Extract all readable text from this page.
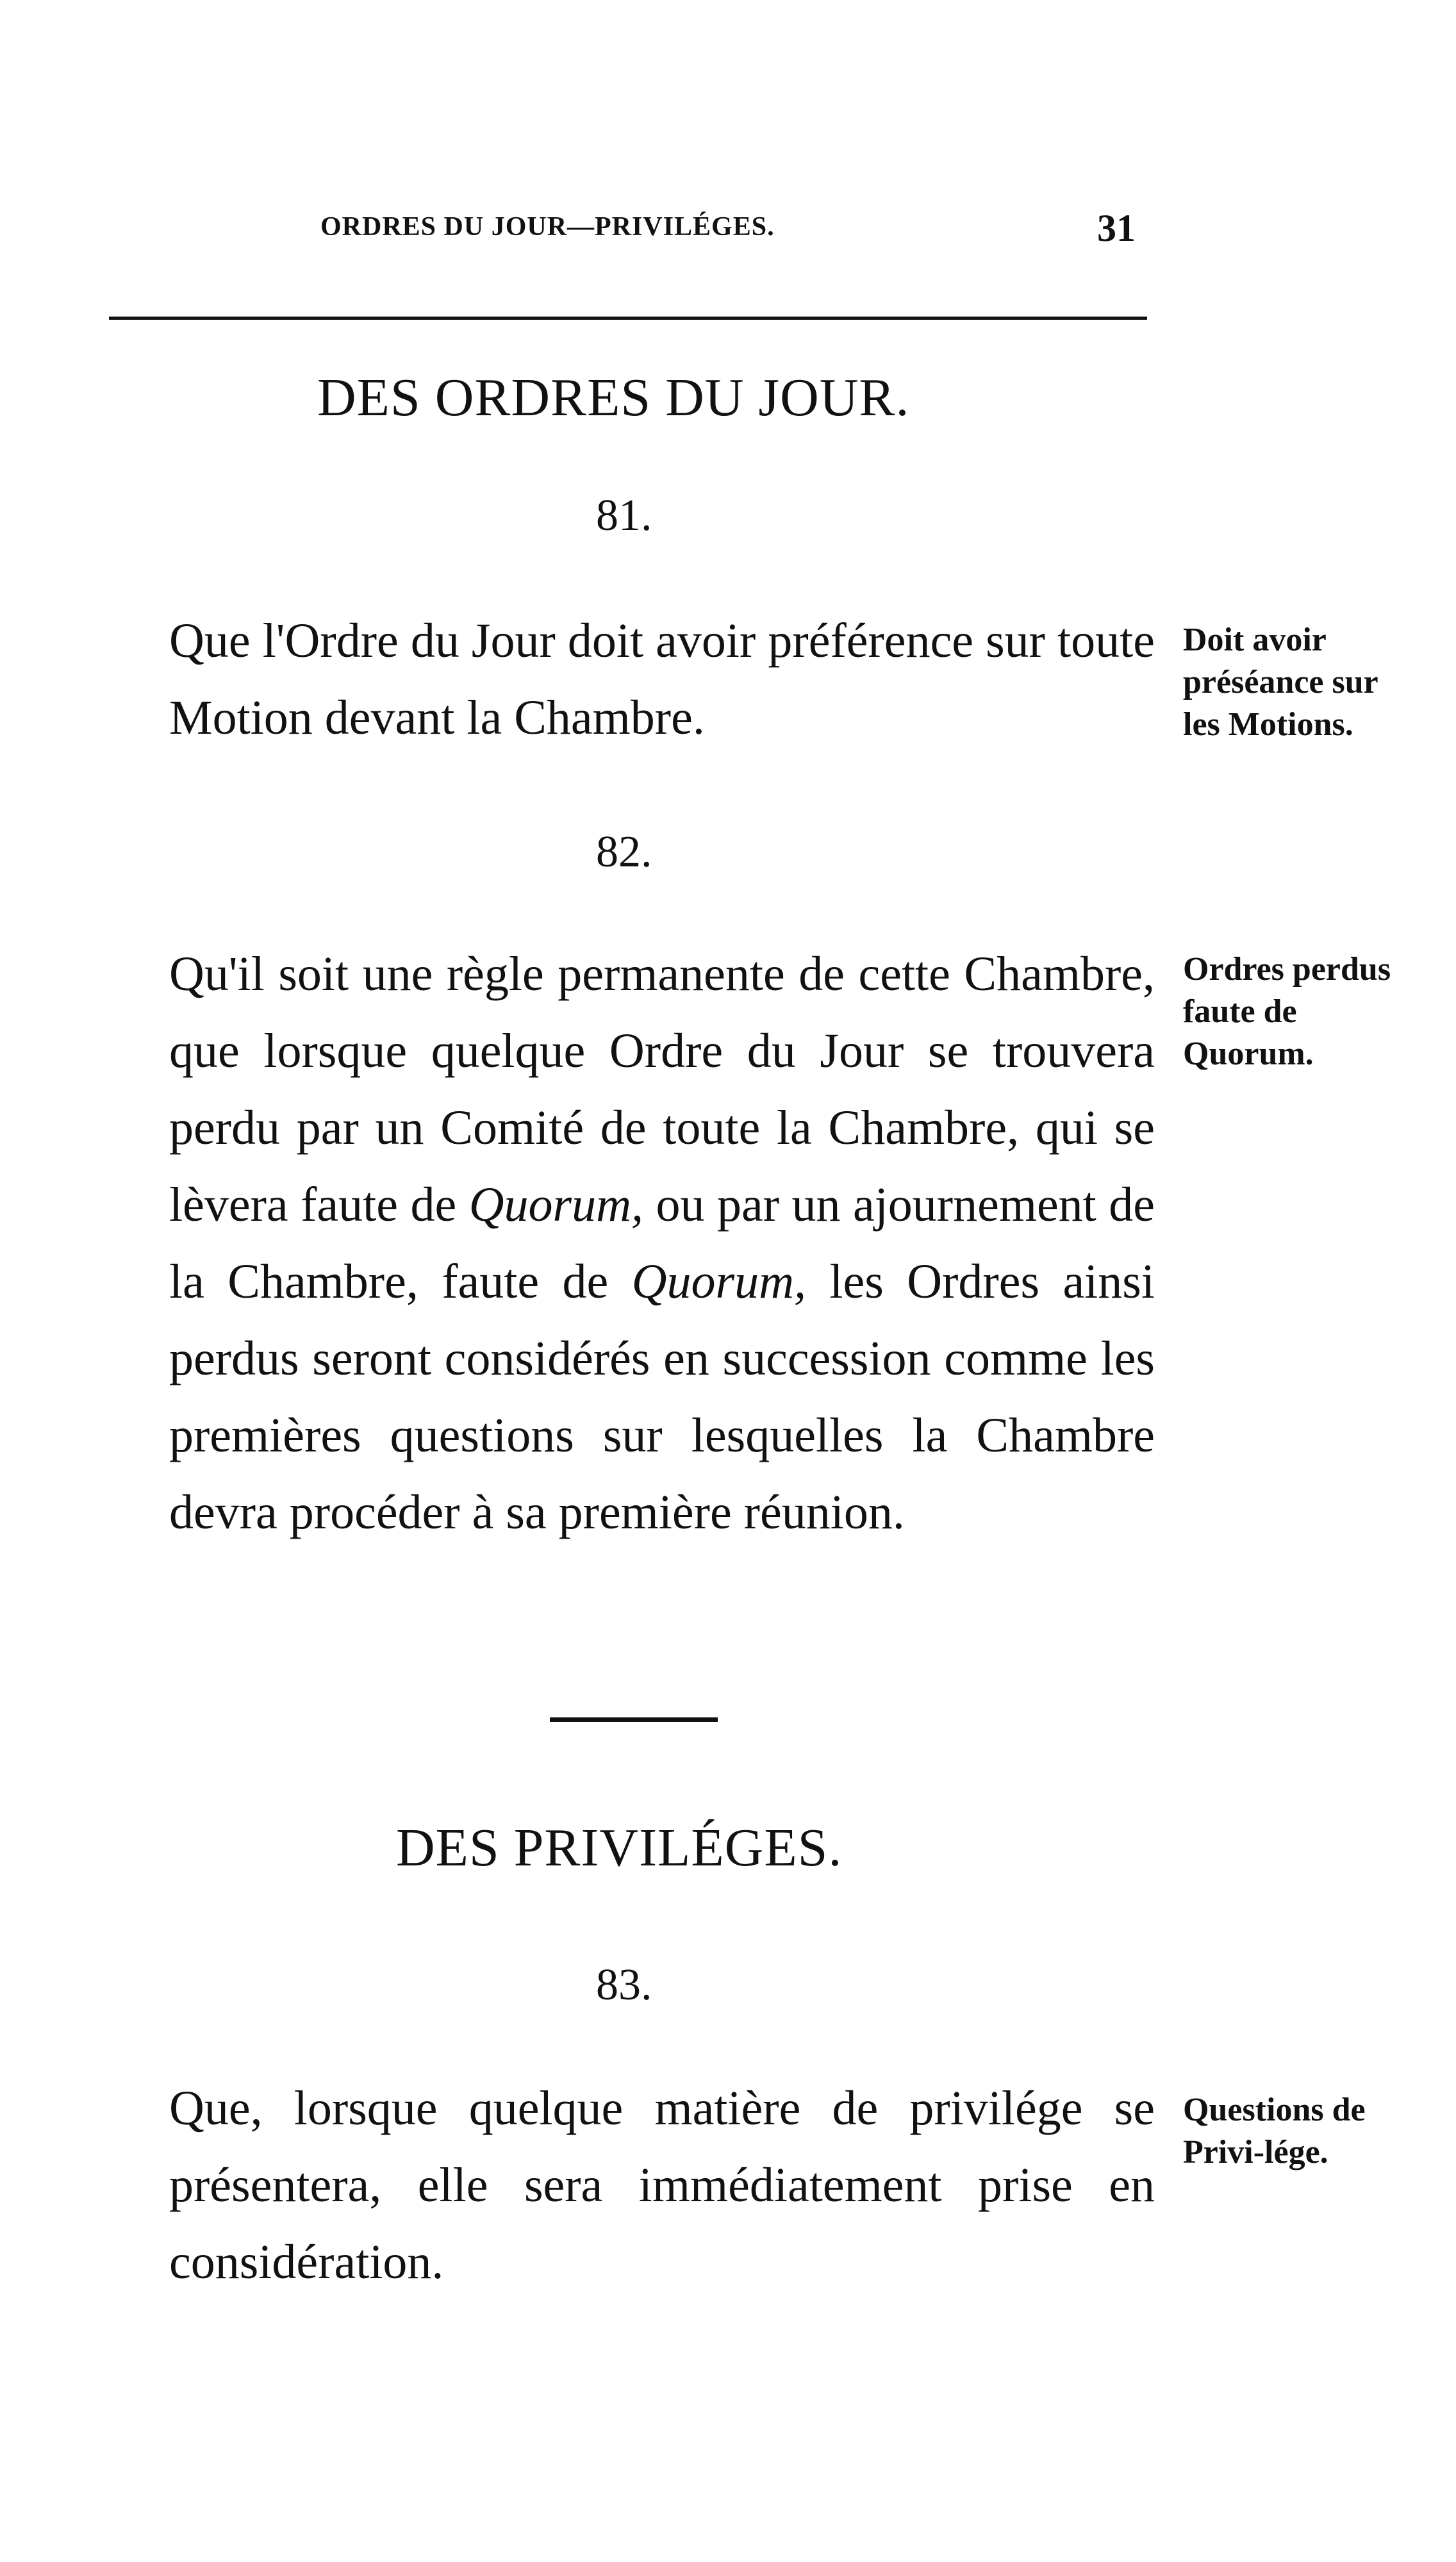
ORDRES DU JOUR—PRIVILÉGES.	31
DES ORDRES DU JOUR.
81.
Que l'Ordre du Jour doit avoir préférence sur toute Motion devant la Chambre.
Doit avoir préséance sur les Motions.
82.
Qu'il soit une règle permanente de cette Chambre, que lorsque quelque Ordre du Jour se trouvera perdu par un Comité de toute la Chambre, qui se lèvera faute de Quorum, ou par un ajournement de la Chambre, faute de Quorum, les Ordres ainsi perdus seront considérés en succession comme les premières questions sur lesquelles la Chambre devra procéder à sa première réunion.
Ordres perdus faute de Quorum.
DES PRIVILÉGES.
83.
Que, lorsque quelque matière de privilége se présentera, elle sera immédiatement prise en considération.
Questions de Privi-lége.
